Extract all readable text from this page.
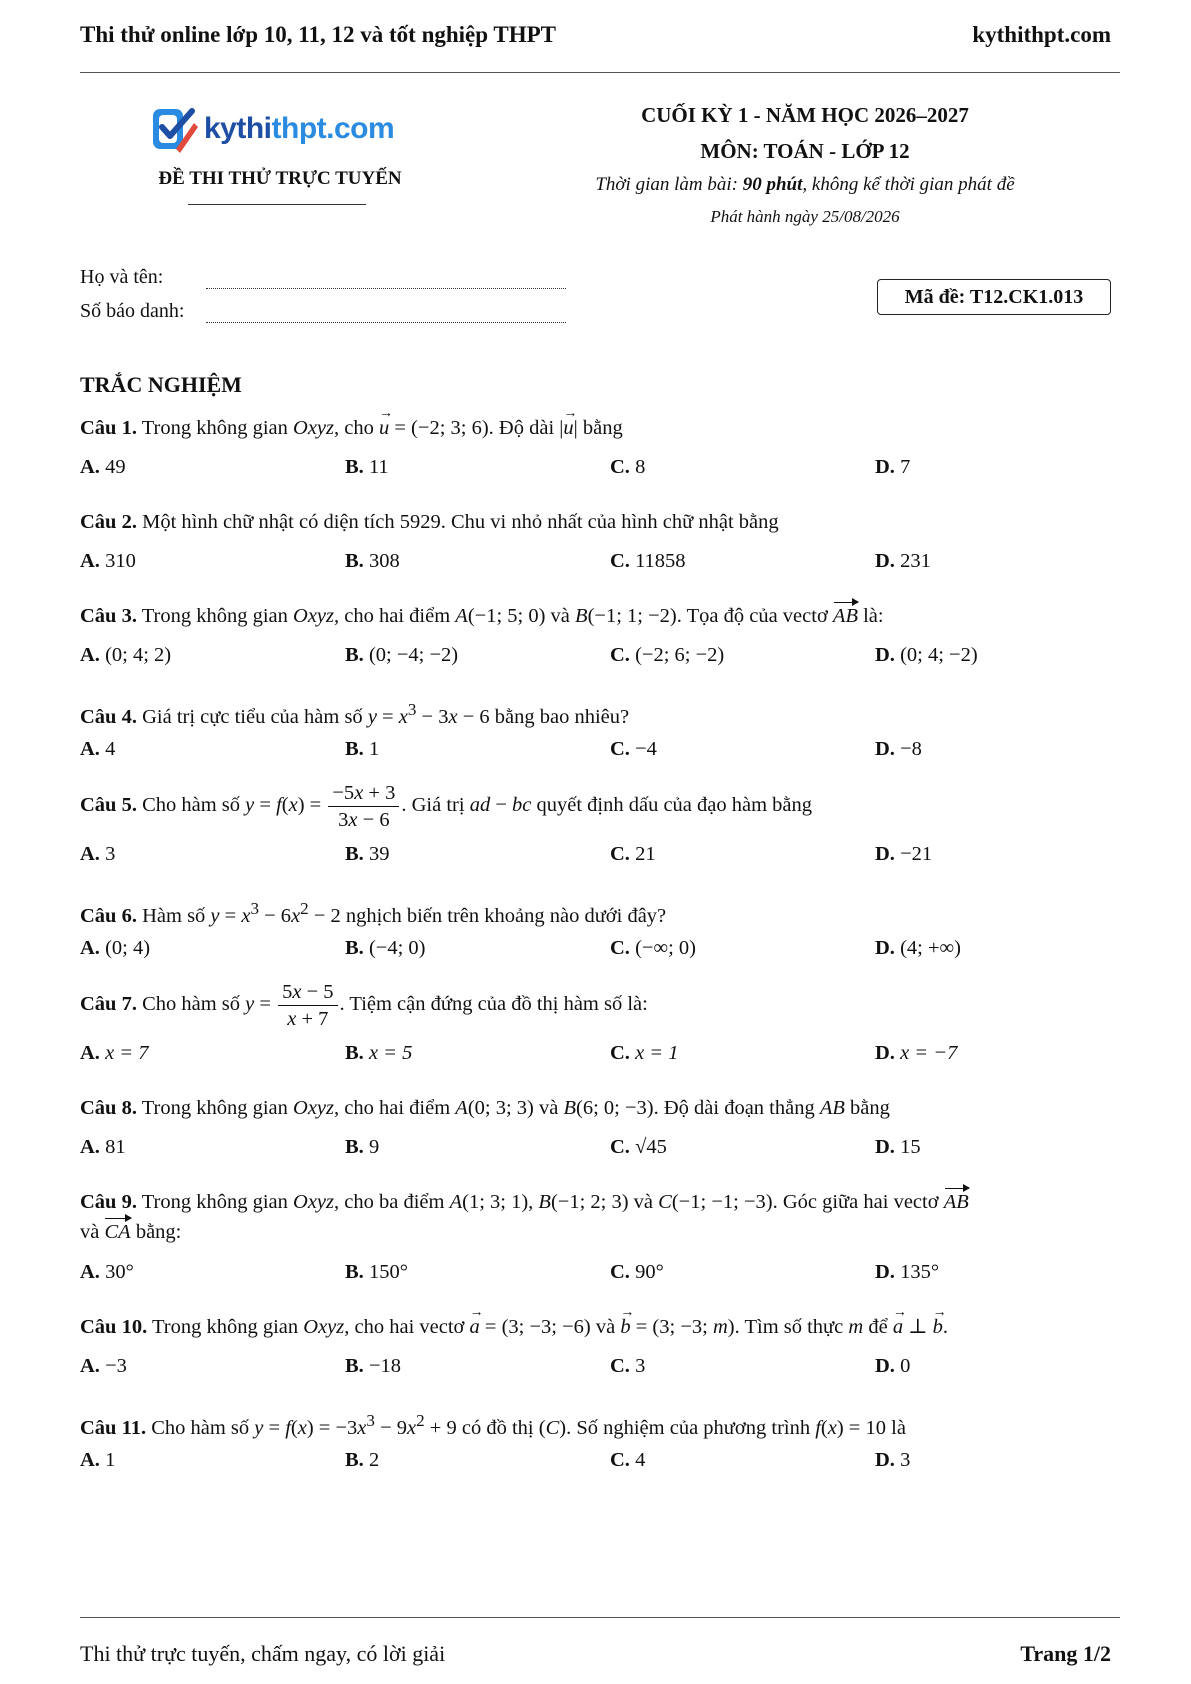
Thi thử online lớp 10, 11, 12 và tốt nghiệp THPT	kythithpt.com
kythithpt.com
ĐỀ THI THỬ TRỰC TUYẾN
CUỐI KỲ 1 - NĂM HỌC 2026–2027
MÔN: TOÁN - LỚP 12
Thời gian làm bài: 90 phút, không kể thời gian phát đề
Phát hành ngày 25/08/2026
Họ và tên:
Số báo danh:
Mã đề: T12.CK1.013
TRẮC NGHIỆM
Câu 1. Trong không gian Oxyz, cho → u = (−2; 3; 6). Độ dài |→ u| bằng
A. 49	B. 11	C. 8	D. 7
Câu 2. Một hình chữ nhật có diện tích 5929. Chu vi nhỏ nhất của hình chữ nhật bằng
A. 310	B. 308	C. 11858	D. 231
Câu 3. Trong không gian Oxyz, cho hai điểm A(−1; 5; 0) và B(−1; 1; −2). Tọa độ của vectơ AB là:
A. (0; 4; 2)	B. (0; −4; −2)	C. (−2; 6; −2)	D. (0; 4; −2)
Câu 4. Giá trị cực tiểu của hàm số $y = x^3 - 3x - 6$ bằng bao nhiêu?
A. 4	B. 1	C. −4	D. −8
Câu 5. Cho hàm số $y = f(x) = \frac{-5x + 3}{3x - 6}$ . Giá trị ad − bc quyết định dấu của đạo hàm bằng
A. 3	B. 39	C. 21	D. −21
Câu 6. Hàm số $y = x^3 - 6x^2 - 2$ nghịch biến trên khoảng nào dưới đây?
A. (0; 4)	B. (−4; 0)	C. (−∞; 0)	D. (4; +∞)
Câu 7. Cho hàm số $y = \frac{5x - 5}{x + 7}$ . Tiệm cận đứng của đồ thị hàm số là:
A. x = 7	B. x = 5	C. x = 1	D. x = −7
Câu 8. Trong không gian Oxyz, cho hai điểm A(0; 3; 3) và B(6; 0; −3). Độ dài đoạn thẳng AB bằng
A. 81	B. 9	C. √45	D. 15
Câu 9. Trong không gian Oxyz, cho ba điểm A(1; 3; 1), B(−1; 2; 3) và C(−1; −1; −3). Góc giữa hai vectơ AB
và CA bằng:
A. 30°	B. 150°	C. 90°	D. 135°
Câu 10. Trong không gian Oxyz, cho hai vectơ → a = (3; −3; −6) và → b = (3; −3; m). Tìm số thực m để → a ⊥ → b.
A. −3	B. −18	C. 3	D. 0
Câu 11. Cho hàm số $y = f(x) = -3x^3 - 9x^2 + 9$ có đồ thị (C). Số nghiệm của phương trình f(x) = 10 là
A. 1	B. 2	C. 4	D. 3
Thi thử trực tuyến, chấm ngay, có lời giải	Trang 1/2
